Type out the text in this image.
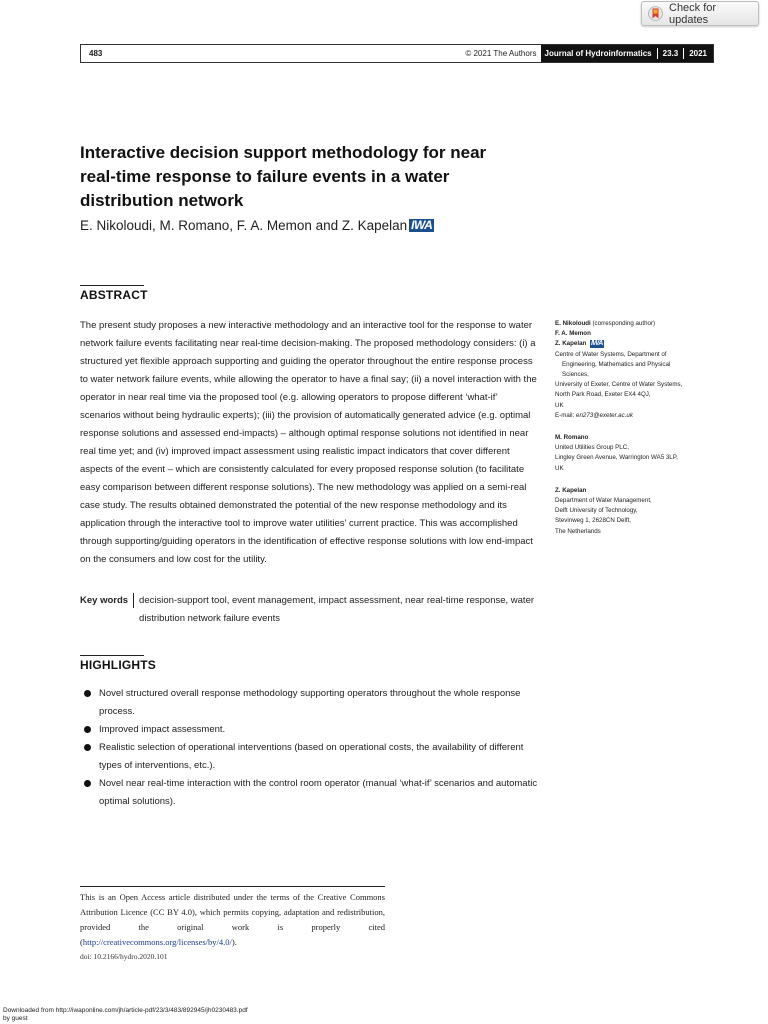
Check for updates
483	© 2021 The Authors	Journal of Hydroinformatics 23.3 2021
Interactive decision support methodology for near real-time response to failure events in a water distribution network
E. Nikoloudi, M. Romano, F. A. Memon and Z. Kapelan IWA
ABSTRACT

The present study proposes a new interactive methodology and an interactive tool for the response to water network failure events facilitating near real-time decision-making. The proposed methodology considers: (i) a structured yet flexible approach supporting and guiding the operator throughout the entire response process to water network failure events, while allowing the operator to have a final say; (ii) a novel interaction with the operator in near real time via the proposed tool (e.g. allowing operators to propose different ‘what-if’ scenarios without being hydraulic experts); (iii) the provision of automatically generated advice (e.g. optimal response solutions and assessed end-impacts) – although optimal response solutions not identified in near real time yet; and (iv) improved impact assessment using realistic impact indicators that cover different aspects of the event – which are consistently calculated for every proposed response solution (to facilitate easy comparison between different response solutions). The new methodology was applied on a semi-real case study. The results obtained demonstrated the potential of the new response methodology and its application through the interactive tool to improve water utilities’ current practice. This was accomplished through supporting/guiding operators in the identification of effective response solutions with low end-impact on the consumers and low cost for the utility.

Key words	decision-support tool, event management, impact assessment, near real-time response, water distribution network failure events
HIGHLIGHTS
Novel structured overall response methodology supporting operators throughout the whole response process.
Improved impact assessment.
Realistic selection of operational interventions (based on operational costs, the availability of different types of interventions, etc.).
Novel near real-time interaction with the control room operator (manual ‘what-if’ scenarios and automatic optimal solutions).
E. Nikoloudi (corresponding author)
F. A. Memon
Z. Kapelan IWA
Centre of Water Systems, Department of
Engineering, Mathematics and Physical
Sciences,
University of Exeter, Centre of Water Systems,
North Park Road, Exeter EX4 4QJ,
UK
E-mail: en273@exeter.ac.uk
M. Romano
United Utilities Group PLC,
Lingley Green Avenue, Warrington WA5 3LP,
UK
Z. Kapelan
Department of Water Management,
Delft University of Technology,
Stevinweg 1, 2628CN Delft,
The Netherlands
This is an Open Access article distributed under the terms of the Creative Commons Attribution Licence (CC BY 4.0), which permits copying, adaptation and redistribution, provided the original work is properly cited (http://creativecommons.org/licenses/by/4.0/).
doi: 10.2166/hydro.2020.101
Downloaded from http://iwaponline.com/jh/article-pdf/23/3/483/892945/jh0230483.pdf
by guest
